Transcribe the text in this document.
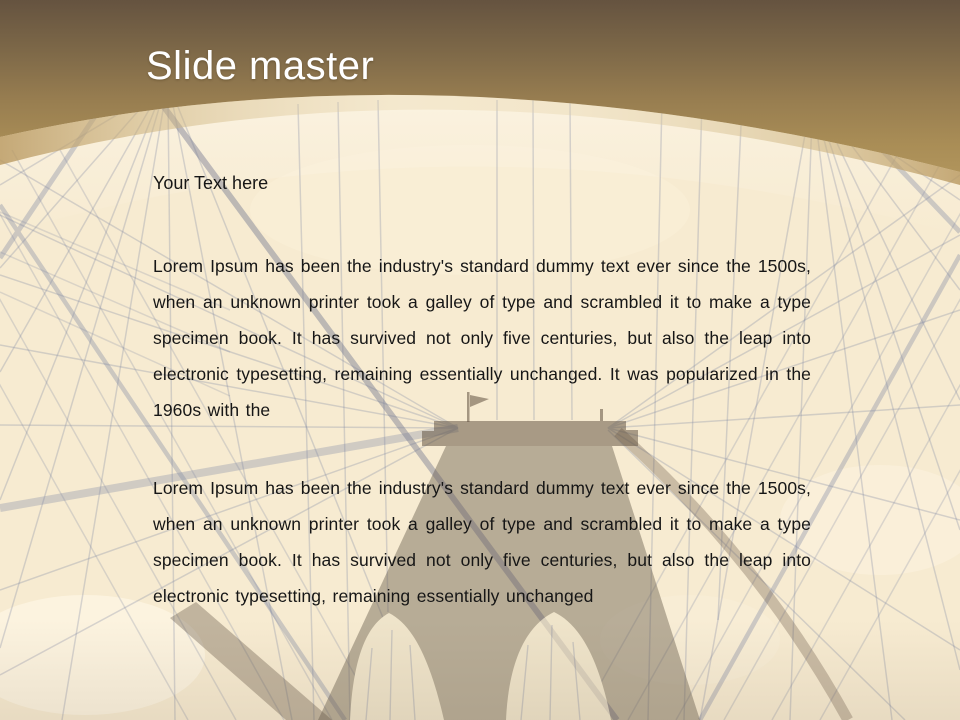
Slide master
Your Text here

Lorem Ipsum has been the industry's standard dummy text ever since the 1500s, when an unknown printer took a galley of type and scrambled it to make a type specimen book. It has survived not only five centuries, but also the leap into electronic typesetting, remaining essentially unchanged. It was popularized in the 1960s with the

Lorem Ipsum has been the industry's standard dummy text ever since the 1500s, when an unknown printer took a galley of type and scrambled it to make a type specimen book. It has survived not only five centuries, but also the leap into electronic typesetting, remaining essentially unchanged
